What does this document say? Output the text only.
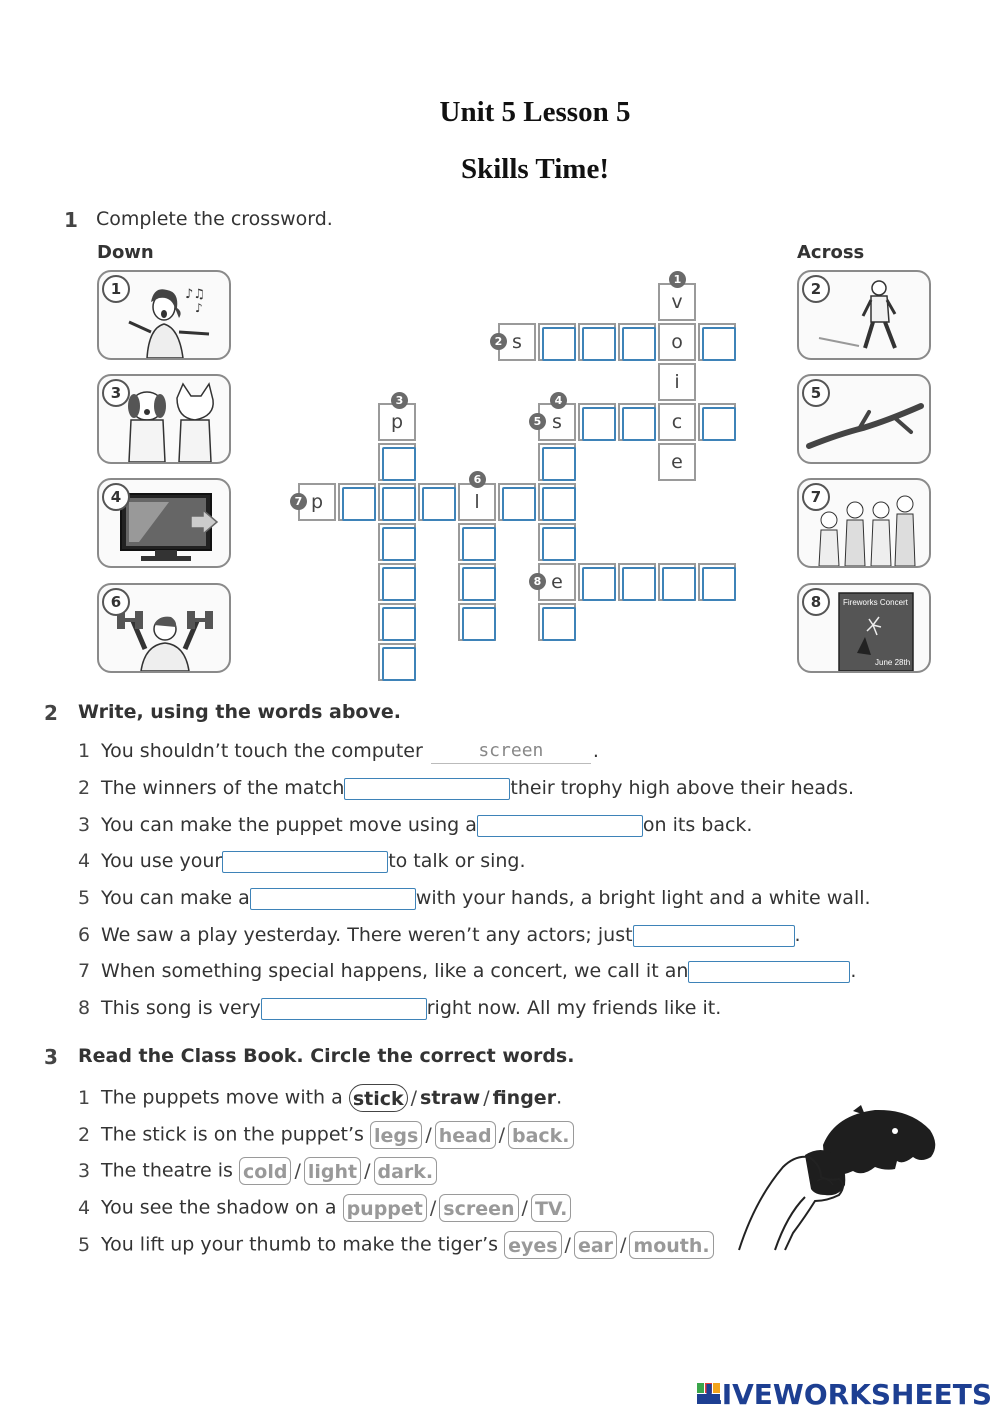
Unit 5 Lesson 5
Skills Time!
1 Complete the crossword.
Down	Across
♪♫
♪
1
3
4
6
2
5
7
Fireworks Concert
June 28th
8
v
o
i
c
e
s
s
p
e
p	l
1
2
3	4
5
6
7
8
2 Write, using the words above.
1 You shouldn’t touch the computer	screen	.
2 The winners of the match	their trophy high above their heads.
3 You can make the puppet move using a	on its back.
4 You use your	to talk or sing.
5 You can make a	with your hands, a bright light and a white wall.
6 We saw a play yesterday. There weren’t any actors; just	.
7 When something special happens, like a concert, we call it an	.
8 This song is very	right now. All my friends like it.
3 Read the Class Book. Circle the correct words.
1 The puppets move with a stick / straw / finger.
2 The stick is on the puppet’s legs / head / back.
3 The theatre is cold / light / dark.
4 You see the shadow on a puppet / screen / TV.
5 You lift up your thumb to make the tiger’s eyes / ear / mouth.
LIVEWORKSHEETS
